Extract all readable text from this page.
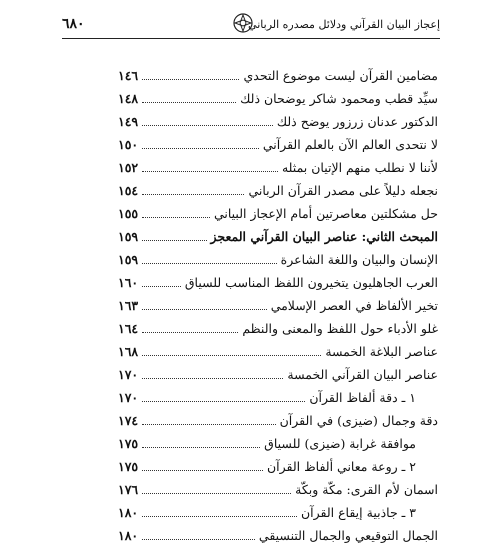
٦٨٠	إعجاز البيان القرآني ودلائل مصدره الرباني
مضامين القرآن ليست موضوع التحدي
١٤٦
سيِّد قطب ومحمود شاكر يوضحان ذلك
١٤٨
الدكتور عدنان زرزور يوضح ذلك
١٤٩
لا نتحدى العالم الآن بالعلم القرآني
١٥٠
لأننا لا نطلب منهم الإتيان بمثله
١٥٢
نجعله دليلاً على مصدر القرآن الرباني
١٥٤
حل مشكلتين معاصرتين أمام الإعجاز البياني
١٥٥
المبحث الثاني: عناصر البيان القرآني المعجز
١٥٩
الإنسان والبيان واللغة الشاعرة
١٥٩
العرب الجاهليون يتخيرون اللفظ المناسب للسياق
١٦٠
تخير الألفاظ في العصر الإسلامي
١٦٣
غلو الأدباء حول اللفظ والمعنى والنظم
١٦٤
عناصر البلاغة الخمسة
١٦٨
عناصر البيان القرآني الخمسة
١٧٠
١ ـ دقة ألفاظ القرآن
١٧٠
دقة وجمال (ضيزى) في القرآن
١٧٤
موافقة غرابة (ضيزى) للسياق
١٧٥
٢ ـ روعة معاني ألفاظ القرآن
١٧٥
اسمان لأم القرى: مكّة وبكّة
١٧٦
٣ ـ جاذبية إيقاع القرآن
١٨٠
الجمال التوقيعي والجمال التنسيقي
١٨٠
